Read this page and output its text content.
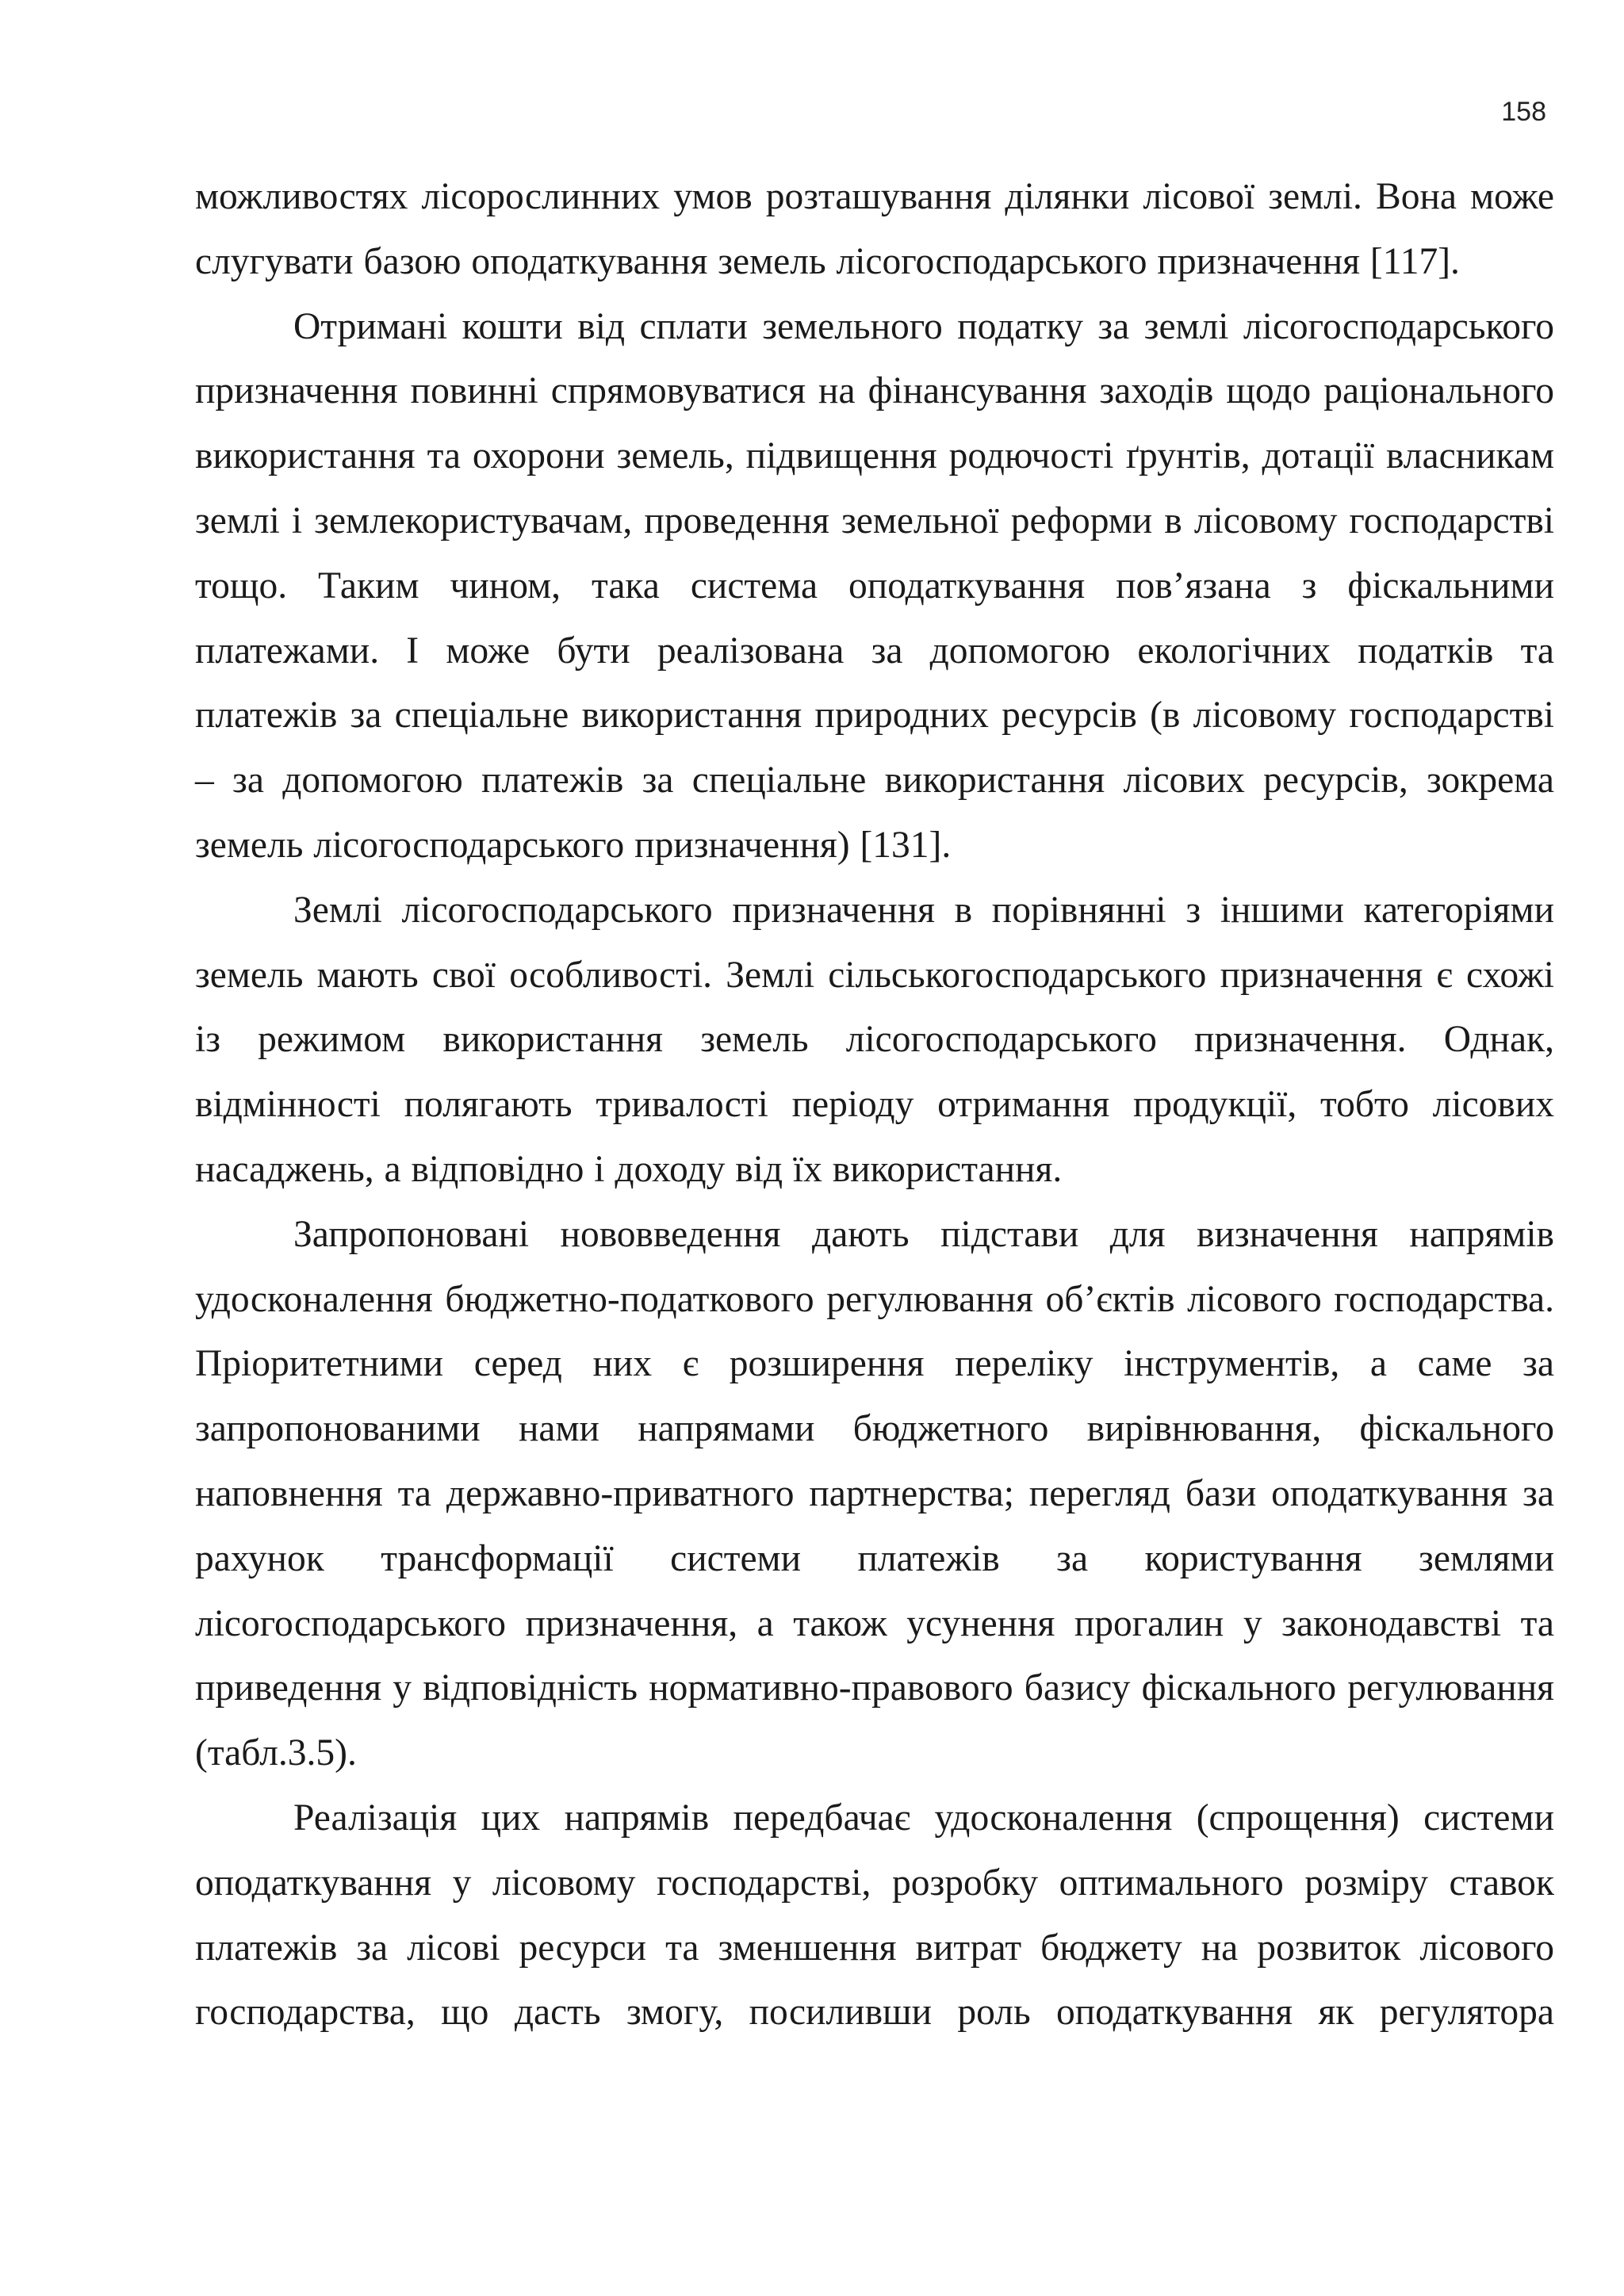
158

можливостях лісорослинних умов розташування ділянки лісової землі. Вона може слугувати базою оподаткування земель лісогосподарського призначення [117].

Отримані кошти від сплати земельного податку за землі лісогосподарського призначення повинні спрямовуватися на фінансування заходів щодо раціонального використання та охорони земель, підвищення родючості ґрунтів, дотації власникам землі і землекористувачам, проведення земельної реформи в лісовому господарстві тощо. Таким чином, така система оподаткування пов’язана з фіскальними платежами. І може бути реалізована за допомогою екологічних податків та платежів за спеціальне використання природних ресурсів (в лісовому господарстві – за допомогою платежів за спеціальне використання лісових ресурсів, зокрема земель лісогосподарського призначення) [131].

Землі лісогосподарського призначення в порівнянні з іншими категоріями земель мають свої особливості. Землі сільськогосподарського призначення є схожі із режимом використання земель лісогосподарського призначення. Однак, відмінності полягають тривалості періоду отримання продукції, тобто лісових насаджень, а відповідно і доходу від їх використання.

Запропоновані нововведення дають підстави для визначення напрямів удосконалення бюджетно-податкового регулювання об’єктів лісового господарства. Пріоритетними серед них є розширення переліку інструментів, а саме за запропонованими нами напрямами бюджетного вирівнювання, фіскального наповнення та державно-приватного партнерства; перегляд бази оподаткування за рахунок трансформації системи платежів за користування землями лісогосподарського призначення, а також усунення прогалин у законодавстві та приведення у відповідність нормативно-правового базису фіскального регулювання (табл.3.5).

Реалізація цих напрямів передбачає удосконалення (спрощення) системи оподаткування у лісовому господарстві, розробку оптимального розміру ставок платежів за лісові ресурси та зменшення витрат бюджету на розвиток лісового господарства, що дасть змогу, посиливши роль оподаткування як регулятора
